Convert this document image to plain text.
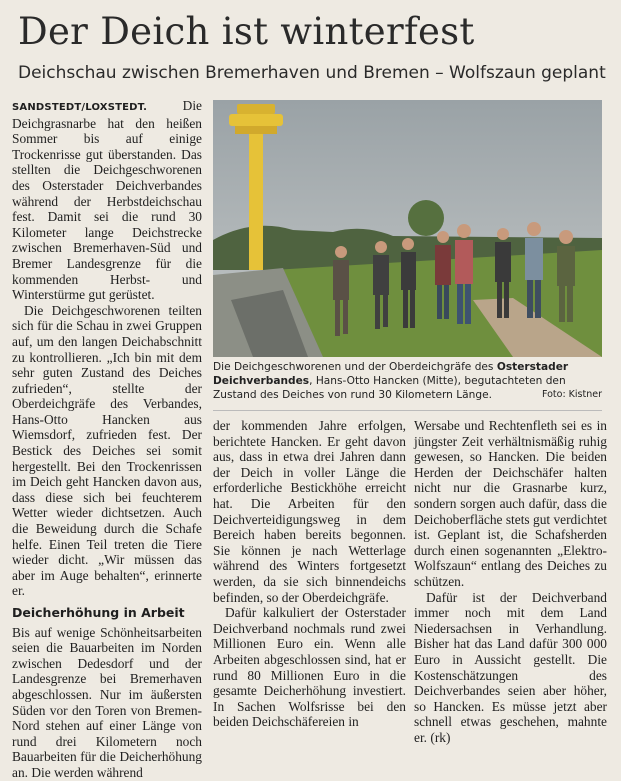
Der Deich ist winterfest
Deichschau zwischen Bremerhaven und Bremen – Wolfszaun geplant

SANDSTEDT/LOXSTEDT.	Die Deichgrasnarbe hat den heißen Sommer bis auf einige Trockenrisse gut überstanden. Das stellten die Deichgeschworenen des Osterstader Deichverbandes während der Herbstdeichschau fest. Damit sei die rund 30 Kilometer lange Deichstrecke zwischen Bremerhaven-Süd und Bremer Landesgrenze für die kommenden Herbst- und Winterstürme gut gerüstet.

Die Deichgeschworenen teilten sich für die Schau in zwei Gruppen auf, um den langen Deichabschnitt zu kontrollieren. „Ich bin mit dem sehr guten Zustand des Deiches zufrieden“, stellte der Oberdeichgräfe des Verbandes, Hans-Otto Hancken aus Wiemsdorf, zufrieden fest. Der Bestick des Deiches sei somit hergestellt. Bei den Trockenrissen im Deich geht Hancken davon aus, dass diese sich bei feuchterem Wetter wieder dichtsetzen. Auch die Beweidung durch die Schafe helfe. Einen Teil treten die Tiere wieder dicht. „Wir müssen das aber im Auge behalten“, erinnerte er.

Deicherhöhung in Arbeit

Bis auf wenige Schönheitsarbeiten seien die Bauarbeiten im Norden zwischen Dedesdorf und der Landesgrenze bei Bremerhaven abgeschlossen. Nur im äußersten Süden vor den Toren von Bremen-Nord stehen auf einer Länge von rund drei Kilometern noch Bauarbeiten für die Deicherhöhung an. Die werden während

Die Deichgeschworenen und der Oberdeichgräfe des Osterstader Deichverbandes, Hans-Otto Hancken (Mitte), begutachteten den Zustand des Deiches von rund 30 Kilometern Länge.	Foto: Kistner

der kommenden Jahre erfolgen, berichtete Hancken. Er geht davon aus, dass in etwa drei Jahren dann der Deich in voller Länge die erforderliche Bestickhöhe erreicht hat. Die Arbeiten für den Deichverteidigungsweg in dem Bereich haben bereits begonnen. Sie können je nach Wetterlage während des Winters fortgesetzt werden, da sie sich binnendeichs befinden, so der Oberdeichgräfe.

Dafür kalkuliert der Osterstader Deichverband nochmals rund zwei Millionen Euro ein. Wenn alle Arbeiten abgeschlossen sind, hat er rund 80 Millionen Euro in die gesamte Deicherhöhung investiert. In Sachen Wolfsrisse bei den beiden Deichschäfereien in

Wersabe und Rechtenfleth sei es in jüngster Zeit verhältnismäßig ruhig gewesen, so Hancken. Die beiden Herden der Deichschäfer halten nicht nur die Grasnarbe kurz, sondern sorgen auch dafür, dass die Deichoberfläche stets gut verdichtet ist. Geplant ist, die Schafsherden durch einen sogenannten „Elektro-Wolfszaun“ entlang des Deiches zu schützen.

Dafür ist der Deichverband immer noch mit dem Land Niedersachsen in Verhandlung. Bisher hat das Land dafür 300 000 Euro in Aussicht gestellt. Die Kostenschätzungen des Deichverbandes seien aber höher, so Hancken. Es müsse jetzt aber schnell etwas geschehen, mahnte er. (rk)
